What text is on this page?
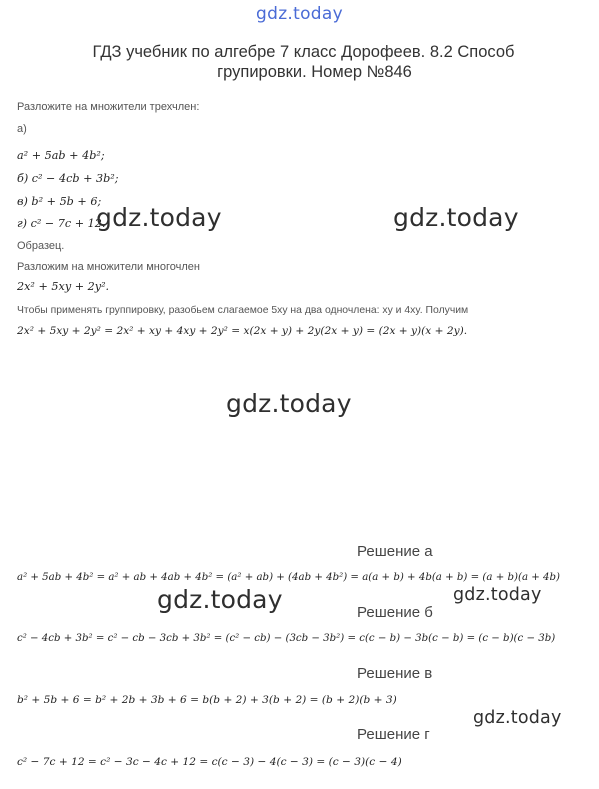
gdz.today
ГДЗ учебник по алгебре 7 класс Дорофеев. 8.2 Способ
групировки. Номер №846
Разложите на множители трехчлен:
а)
a² + 5ab + 4b²;
б) c² − 4cb + 3b²;
в) b² + 5b + 6;
г) c² − 7c + 12.
Образец.
Разложим на множители многочлен
2x² + 5xy + 2y².
Чтобы применять группировку, разобьем слагаемое 5xy на два одночлена: xy и 4xy. Получим
2x² + 5xy + 2y² = 2x² + xy + 4xy + 2y² = x(2x + y) + 2y(2x + y) = (2x + y)(x + 2y).
Решение а
a² + 5ab + 4b² = a² + ab + 4ab + 4b² = (a² + ab) + (4ab + 4b²) = a(a + b) + 4b(a + b) = (a + b)(a + 4b)
Решение б
c² − 4cb + 3b² = c² − cb − 3cb + 3b² = (c² − cb) − (3cb − 3b²) = c(c − b) − 3b(c − b) = (c − b)(c − 3b)
Решение в
b² + 5b + 6 = b² + 2b + 3b + 6 = b(b + 2) + 3(b + 2) = (b + 2)(b + 3)
Решение г
c² − 7c + 12 = c² − 3c − 4c + 12 = c(c − 3) − 4(c − 3) = (c − 3)(c − 4)
gdz.today	gdz.today
gdz.today
gdz.today	gdz.today
gdz.today
